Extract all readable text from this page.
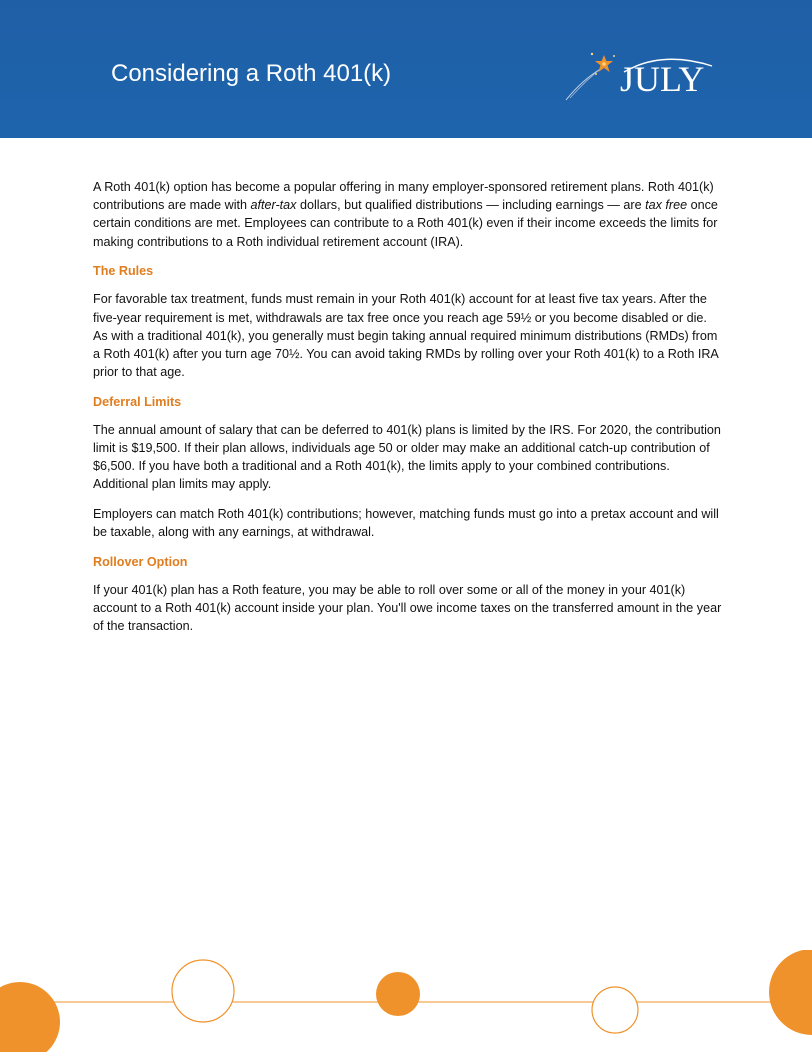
Considering a Roth 401(k)	JULY

A Roth 401(k) option has become a popular offering in many employer-sponsored retirement plans. Roth 401(k) contributions are made with after-tax dollars, but qualified distributions — including earnings — are tax free once certain conditions are met. Employees can contribute to a Roth 401(k) even if their income exceeds the limits for making contributions to a Roth individual retirement account (IRA).

The Rules

For favorable tax treatment, funds must remain in your Roth 401(k) account for at least five tax years. After the five-year requirement is met, withdrawals are tax free once you reach age 59½ or you become disabled or die. As with a traditional 401(k), you generally must begin taking annual required minimum distributions (RMDs) from a Roth 401(k) after you turn age 70½. You can avoid taking RMDs by rolling over your Roth 401(k) to a Roth IRA prior to that age.

Deferral Limits

The annual amount of salary that can be deferred to 401(k) plans is limited by the IRS. For 2020, the contribution limit is $19,500. If their plan allows, individuals age 50 or older may make an additional catch-up contribution of $6,500. If you have both a traditional and a Roth 401(k), the limits apply to your combined contributions. Additional plan limits may apply.

Employers can match Roth 401(k) contributions; however, matching funds must go into a pretax account and will be taxable, along with any earnings, at withdrawal.

Rollover Option

If your 401(k) plan has a Roth feature, you may be able to roll over some or all of the money in your 401(k) account to a Roth 401(k) account inside your plan. You'll owe income taxes on the transferred amount in the year of the transaction.
